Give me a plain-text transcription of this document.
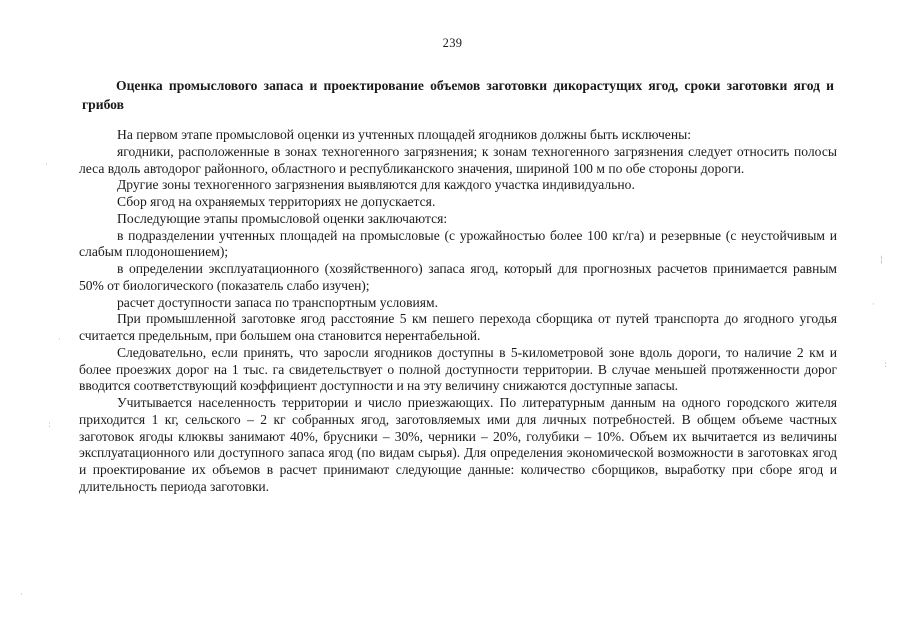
239
Оценка промыслового запаса и проектирование объемов заготовки дикорастущих ягод, сроки заготовки ягод и грибов

На первом этапе промысловой оценки из учтенных площадей ягодников должны быть исключены:

ягодники, расположенные в зонах техногенного загрязнения; к зонам техногенного загрязнения следует относить полосы леса вдоль автодорог районного, областного и республиканского значения, шириной 100 м по обе стороны дороги.

Другие зоны техногенного загрязнения выявляются для каждого участка индивидуально.

Сбор ягод на охраняемых территориях не допускается.

Последующие этапы промысловой оценки заключаются:

в подразделении учтенных площадей на промысловые (с урожайностью более 100 кг/га) и резервные (с неустойчивым и слабым плодоношением);

в определении эксплуатационного (хозяйственного) запаса ягод, который для прогнозных расчетов принимается равным 50% от биологического (показатель слабо изучен);

расчет доступности запаса по транспортным условиям.

При промышленной заготовке ягод расстояние 5 км пешего перехода сборщика от путей транспорта до ягодного угодья считается предельным, при большем она становится нерентабельной.

Следовательно, если принять, что заросли ягодников доступны в 5-километровой зоне вдоль дороги, то наличие 2 км и более проезжих дорог на 1 тыс. га свидетельствует о полной доступности территории. В случае меньшей протяженности дорог вводится соответствующий коэффициент доступности и на эту величину снижаются доступные запасы.

Учитывается населенность территории и число приезжающих. По литературным данным на одного городского жителя приходится 1 кг, сельского – 2 кг собранных ягод, заготовляемых ими для личных потребностей. В общем объеме частных заготовок ягоды клюквы занимают 40%, брусники – 30%, черники – 20%, голубики – 10%. Объем их вычитается из величины эксплуатационного или доступного запаса ягод (по видам сырья). Для определения экономической возможности в заготовках ягод и проектирование их объемов в расчет принимают следующие данные: количество сборщиков, выработку при сборе ягод и длительность периода заготовки.

·
·
:
¦
·
:
·
